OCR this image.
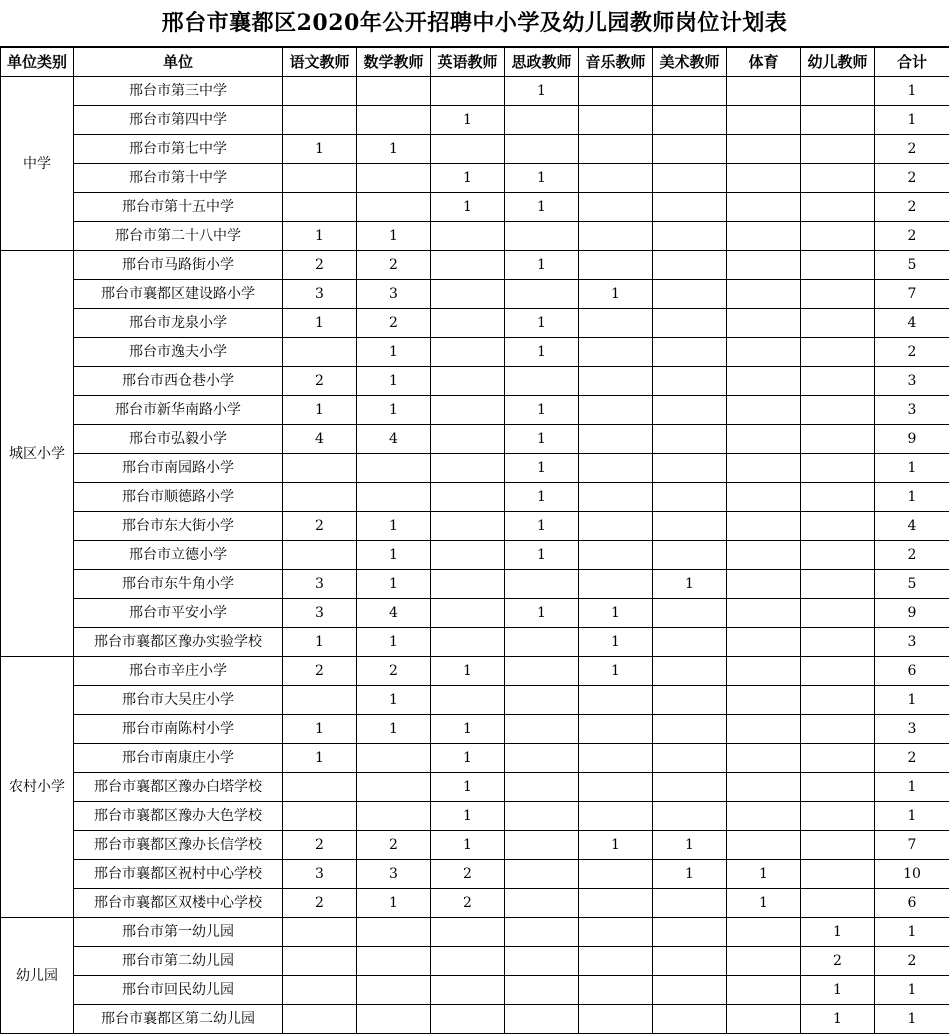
邢台市襄都区2020年公开招聘中小学及幼儿园教师岗位计划表
单位类别	单位	语文教师	数学教师	英语教师	思政教师	音乐教师	美术教师	体育	幼儿教师	合计
中学	邢台市第三中学				1					1
	邢台市第四中学			1						1
	邢台市第七中学	1	1							2
	邢台市第十中学			1	1					2
	邢台市第十五中学			1	1					2
	邢台市第二十八中学	1	1							2
城区小学	邢台市马路街小学	2	2		1					5
	邢台市襄都区建设路小学	3	3			1				7
	邢台市龙泉小学	1	2		1					4
	邢台市逸夫小学		1		1					2
	邢台市西仓巷小学	2	1							3
	邢台市新华南路小学	1	1		1					3
	邢台市弘毅小学	4	4		1					9
	邢台市南园路小学				1					1
	邢台市顺德路小学				1					1
	邢台市东大街小学	2	1		1					4
	邢台市立德小学		1		1					2
	邢台市东牛角小学	3	1				1			5
	邢台市平安小学	3	4		1	1				9
	邢台市襄都区豫办实验学校	1	1			1				3
农村小学	邢台市辛庄小学	2	2	1		1				6
	邢台市大吴庄小学		1							1
	邢台市南陈村小学	1	1	1						3
	邢台市南康庄小学	1		1						2
	邢台市襄都区豫办白塔学校			1						1
	邢台市襄都区豫办大色学校			1						1
	邢台市襄都区豫办长信学校	2	2	1		1	1			7
	邢台市襄都区祝村中心学校	3	3	2			1	1		10
	邢台市襄都区双楼中心学校	2	1	2				1		6
幼儿园	邢台市第一幼儿园								1	1
	邢台市第二幼儿园								2	2
	邢台市回民幼儿园								1	1
	邢台市襄都区第二幼儿园								1	1
